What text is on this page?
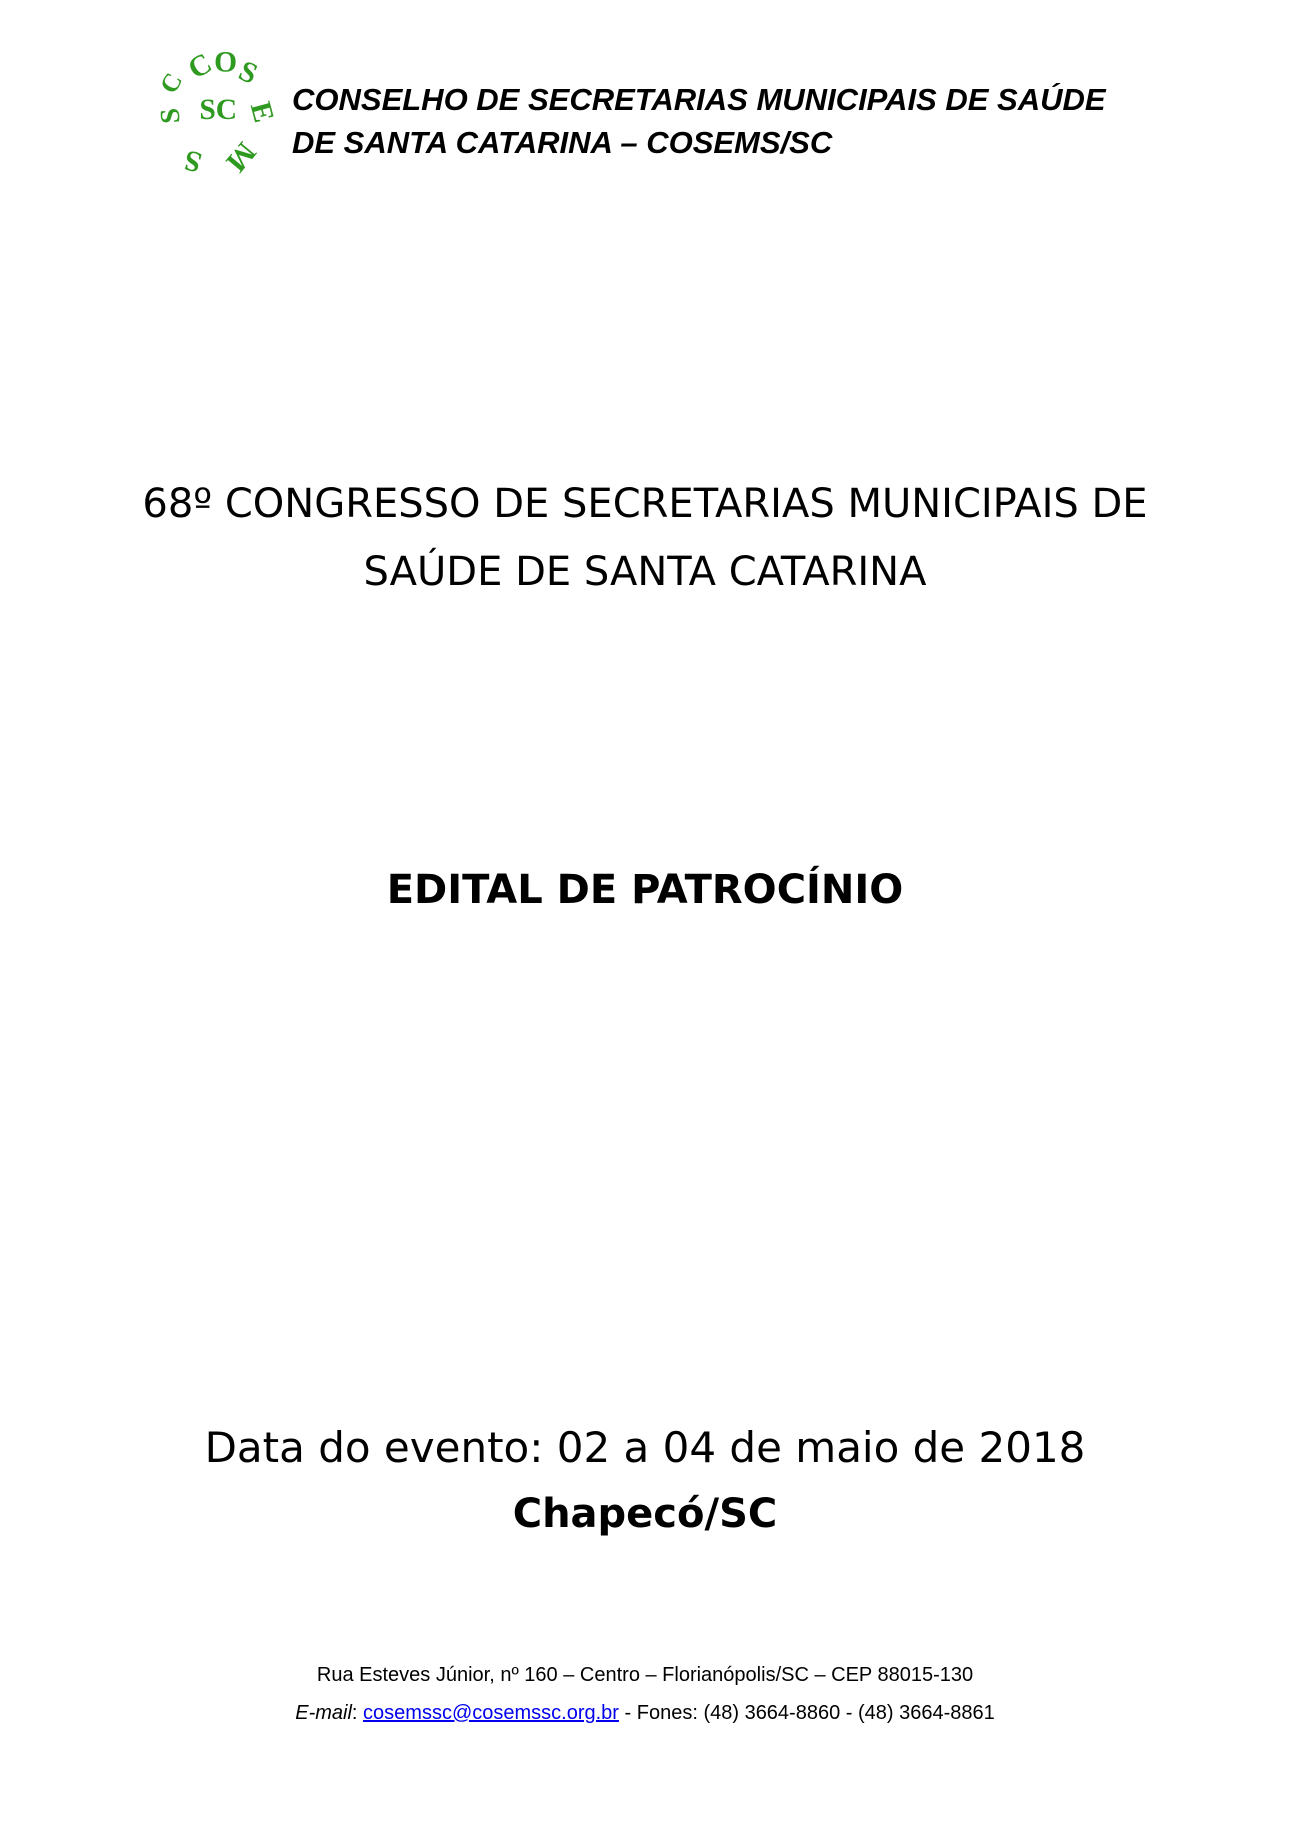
C
O
S
E
M
S
S
C
SC CONSELHO DE SECRETARIAS MUNICIPAIS DE SAÚDE
DE SANTA CATARINA – COSEMS/SC
68º CONGRESSO DE SECRETARIAS MUNICIPAIS DE
SAÚDE DE SANTA CATARINA
EDITAL DE PATROCÍNIO
Data do evento: 02 a 04 de maio de 2018
Chapecó/SC
Rua Esteves Júnior, nº 160 – Centro – Florianópolis/SC – CEP 88015-130
E-mail: cosemssc@cosemssc.org.br - Fones: (48) 3664-8860 - (48) 3664-8861
